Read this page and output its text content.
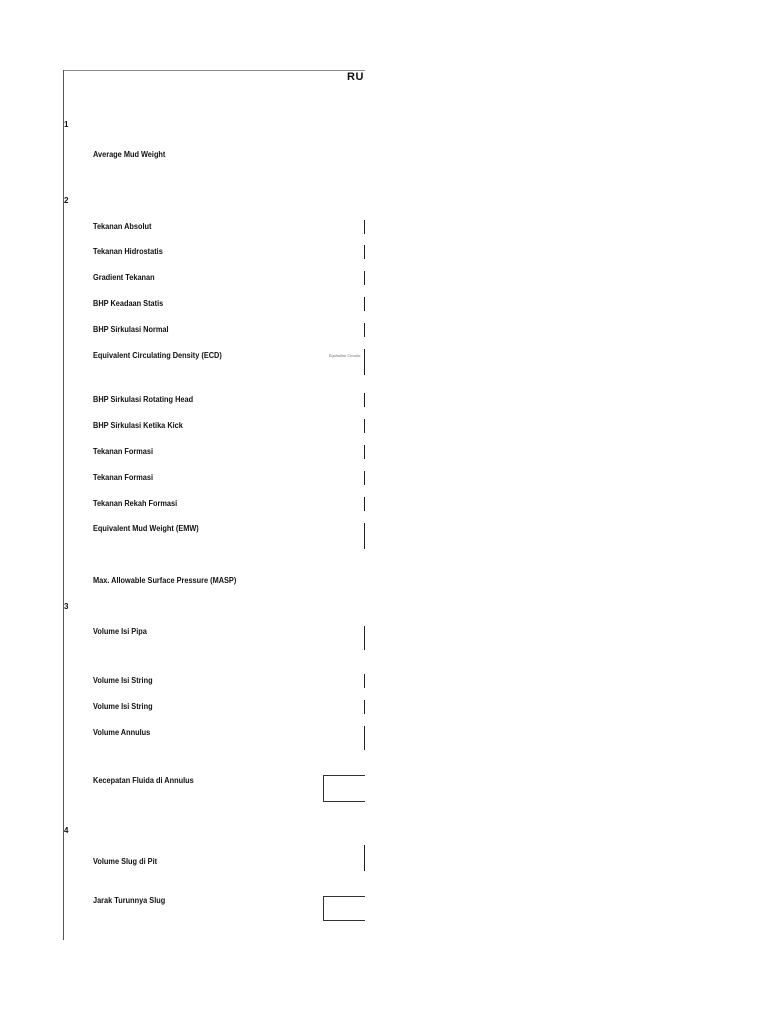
RU
1
2
3
4
Average Mud Weight
Tekanan Absolut
Tekanan Hidrostatis
Gradient Tekanan
BHP Keadaan Statis
BHP Sirkulasi Normal
Equivalent Circulating Density (ECD)
BHP Sirkulasi Rotating Head
BHP Sirkulasi Ketika Kick
Tekanan Formasi
Tekanan Formasi
Tekanan Rekah Formasi
Equivalent Mud Weight (EMW)
Max. Allowable Surface Pressure (MASP)
Volume Isi Pipa
Volume Isi String
Volume Isi String
Volume Annulus
Kecepatan Fluida di Annulus
Volume Slug di Pit
Jarak Turunnya Slug
Equivalent Circulat
